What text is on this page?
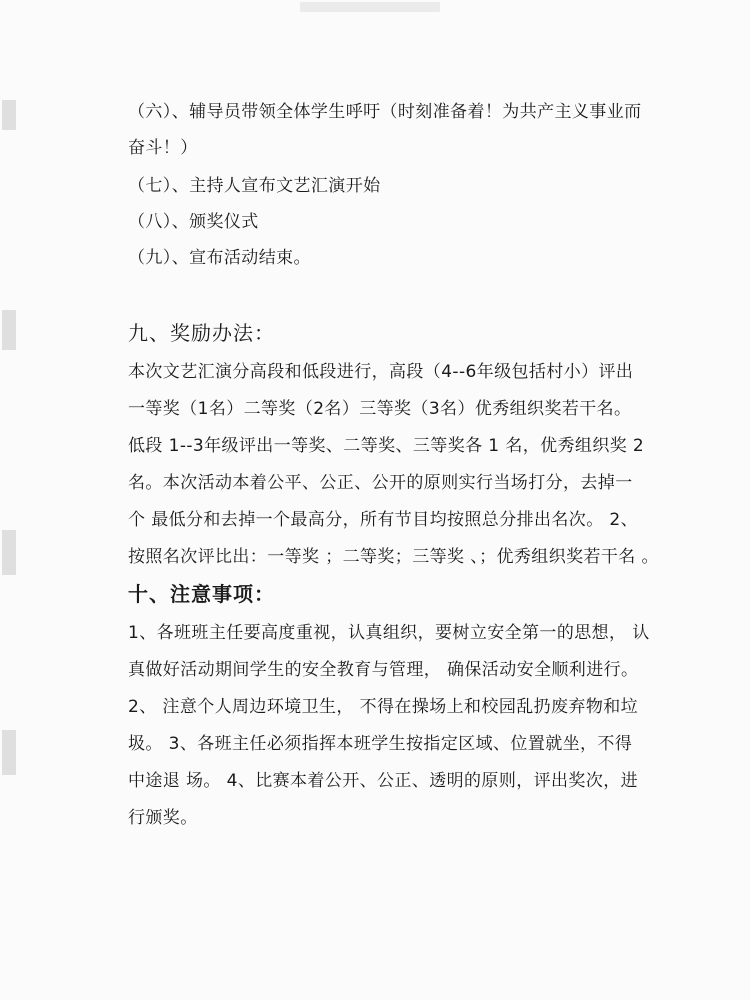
（六）、辅导员带领全体学生呼吁（时刻准备着！为共产主义事业而
奋斗！）
（七）、主持人宣布文艺汇演开始
（八）、颁奖仪式
（九）、宣布活动结束。
九、奖励办法：
本次文艺汇演分高段和低段进行，高段（4--6年级包括村小）评出
一等奖（1名）二等奖（2名）三等奖（3名）优秀组织奖若干名。
低段 1--3年级评出一等奖、二等奖、三等奖各 1 名，优秀组织奖 2
名。本次活动本着公平、公正、公开的原则实行当场打分，去掉一
个 最低分和去掉一个最高分，所有节目均按照总分排出名次。 2、
按照名次评比出：一等奖 ；二等奖；三等奖 、；优秀组织奖若干名 。
十、注意事项：
1、各班班主任要高度重视，认真组织，要树立安全第一的思想， 认
真做好活动期间学生的安全教育与管理， 确保活动安全顺利进行。
2、 注意个人周边环境卫生， 不得在操场上和校园乱扔废弃物和垃
圾。 3、各班主任必须指挥本班学生按指定区域、位置就坐，不得
中途退 场。 4、比赛本着公开、公正、透明的原则，评出奖次，进
行颁奖。
